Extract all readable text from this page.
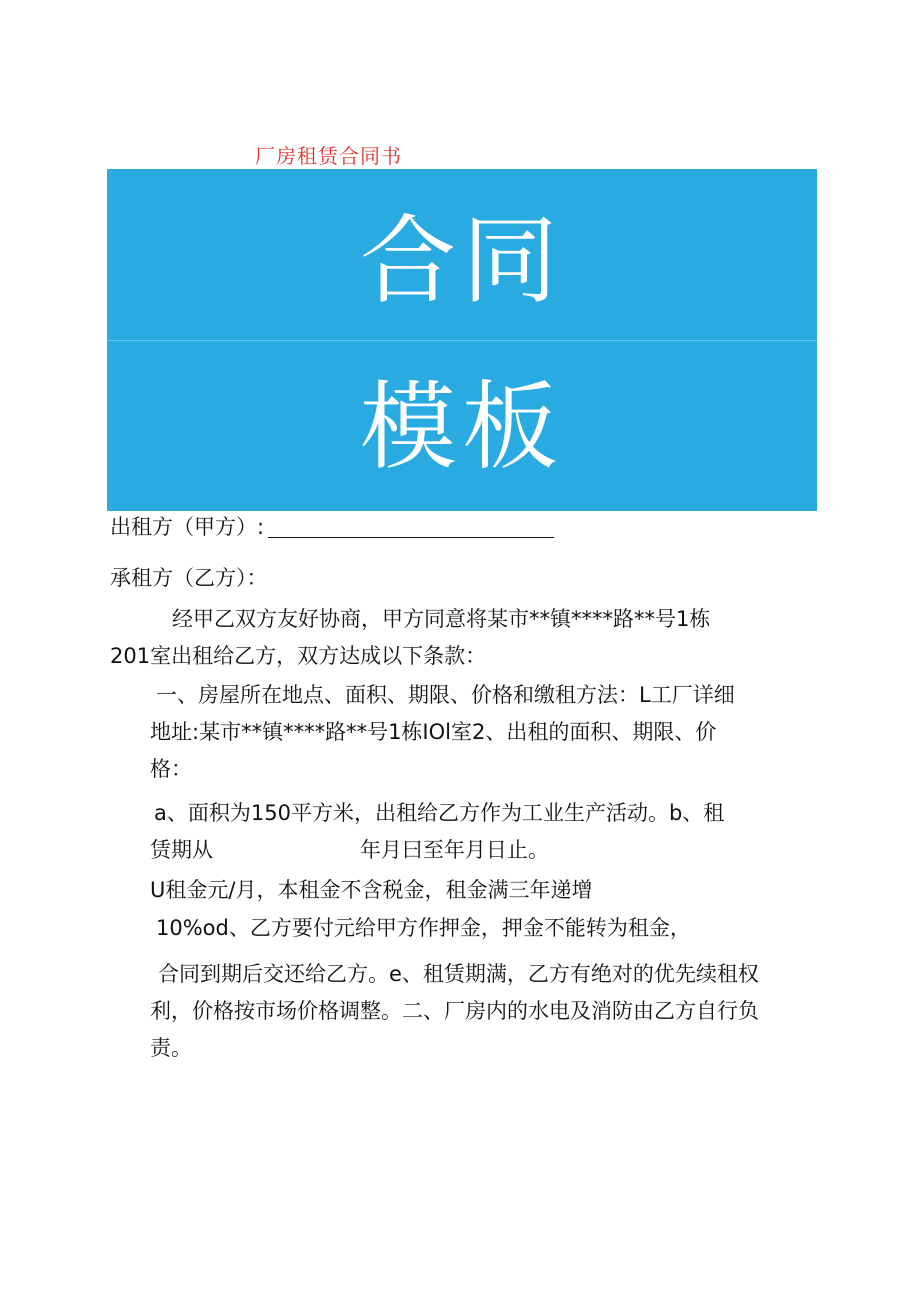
厂房租赁合同书
合同
模板
出租方（甲方）:
承租方（乙方）：
经甲乙双方友好协商，甲方同意将某市**镇****路**号1栋
201室出租给乙方，双方达成以下条款：
一、房屋所在地点、面积、期限、价格和缴租方法：L工厂详细
地址:某市**镇****路**号1栋IOl室2、出租的面积、期限、价
格：
a、面积为150平方米，出租给乙方作为工业生产活动。b、租
赁期从                      年月曰至年月日止。
U租金元/月，本租金不含税金，租金满三年递增
10%od、乙方要付元给甲方作押金，押金不能转为租金，
合同到期后交还给乙方。e、租赁期满，乙方有绝对的优先续租权
利，价格按市场价格调整。二、厂房内的水电及消防由乙方自行负
责。
